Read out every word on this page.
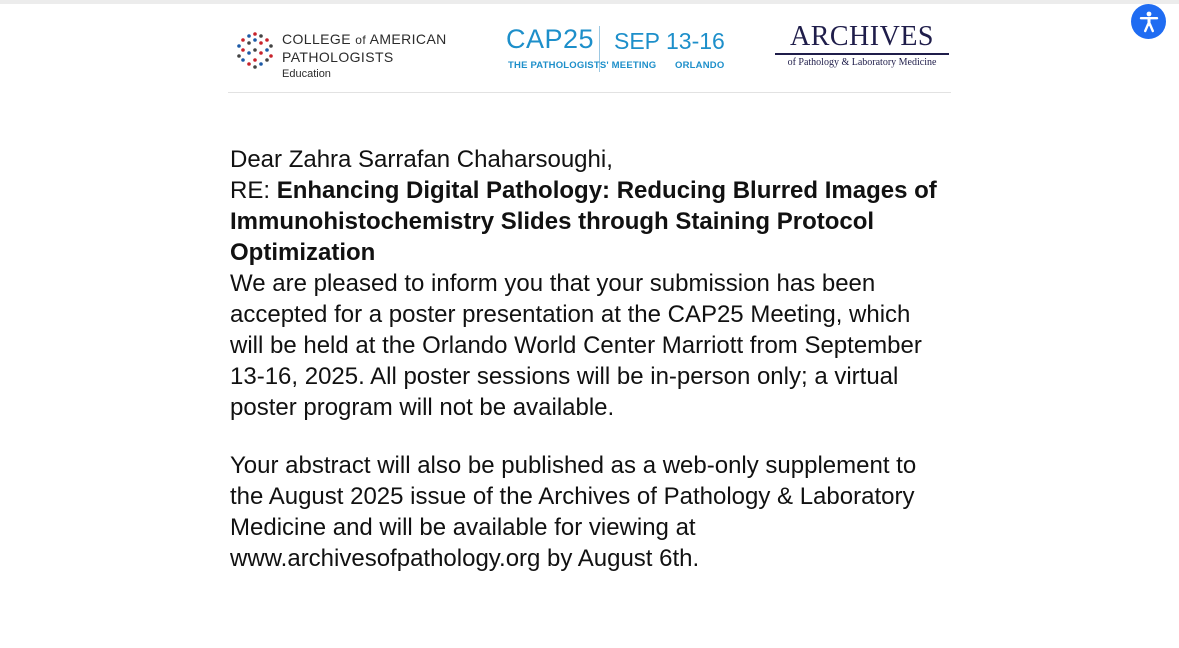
COLLEGE of AMERICAN
PATHOLOGISTS
Education
CAP25 SEP 13-16
THE PATHOLOGISTS' MEETING ORLANDO
ARCHIVES
of Pathology & Laboratory Medicine

Dear Zahra Sarrafan Chaharsoughi,

RE: Enhancing Digital Pathology: Reducing Blurred Images of Immunohistochemistry Slides through Staining Protocol Optimization

We are pleased to inform you that your submission has been accepted for a poster presentation at the CAP25 Meeting, which will be held at the Orlando World Center Marriott from September 13-16, 2025. All poster sessions will be in-person only; a virtual poster program will not be available.

Your abstract will also be published as a web-only supplement to the August 2025 issue of the Archives of Pathology & Laboratory Medicine and will be available for viewing at www.archivesofpathology.org by August 6th.
